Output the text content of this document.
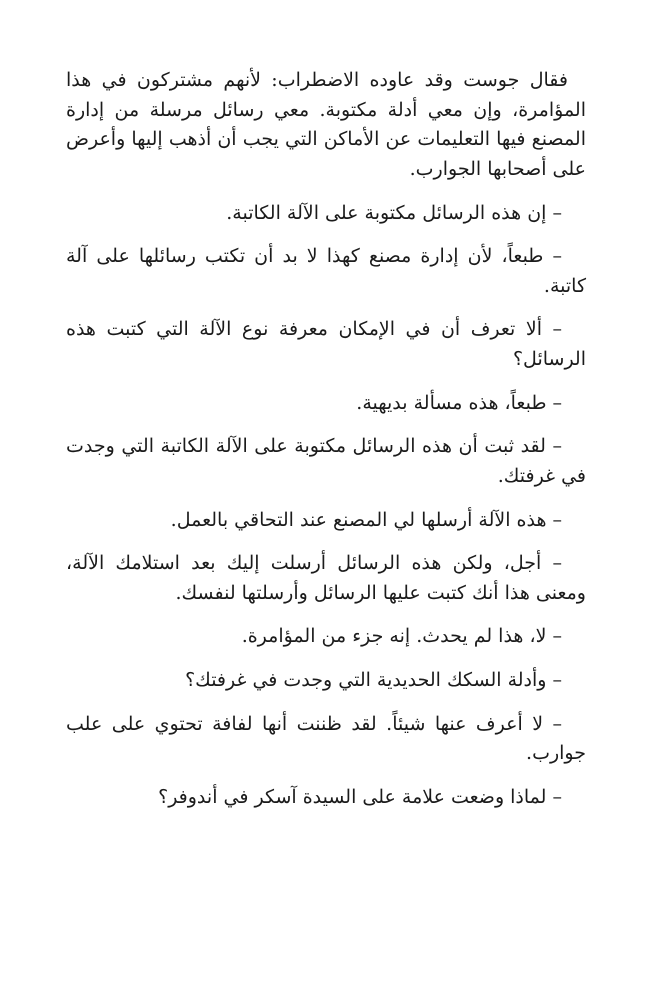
فقال جوست وقد عاوده الاضطراب: لأنهم مشتركون في هذا المؤامرة، وإن معي أدلة مكتوبة. معي رسائل مرسلة من إدارة المصنع فيها التعليمات عن الأماكن التي يجب أن أذهب إليها وأعرض على أصحابها الجوارب.

– إن هذه الرسائل مكتوبة على الآلة الكاتبة.

– طبعاً، لأن إدارة مصنع كهذا لا بد أن تكتب رسائلها على آلة كاتبة.

– ألا تعرف أن في الإمكان معرفة نوع الآلة التي كتبت هذه الرسائل؟

– طبعاً، هذه مسألة بديهية.

– لقد ثبت أن هذه الرسائل مكتوبة على الآلة الكاتبة التي وجدت في غرفتك.

– هذه الآلة أرسلها لي المصنع عند التحاقي بالعمل.

– أجل، ولكن هذه الرسائل أرسلت إليك بعد استلامك الآلة، ومعنى هذا أنك كتبت عليها الرسائل وأرسلتها لنفسك.

– لا، هذا لم يحدث. إنه جزء من المؤامرة.

– وأدلة السكك الحديدية التي وجدت في غرفتك؟

– لا أعرف عنها شيئاً. لقد ظننت أنها لفافة تحتوي على علب جوارب.

– لماذا وضعت علامة على السيدة آسكر في أندوفر؟
